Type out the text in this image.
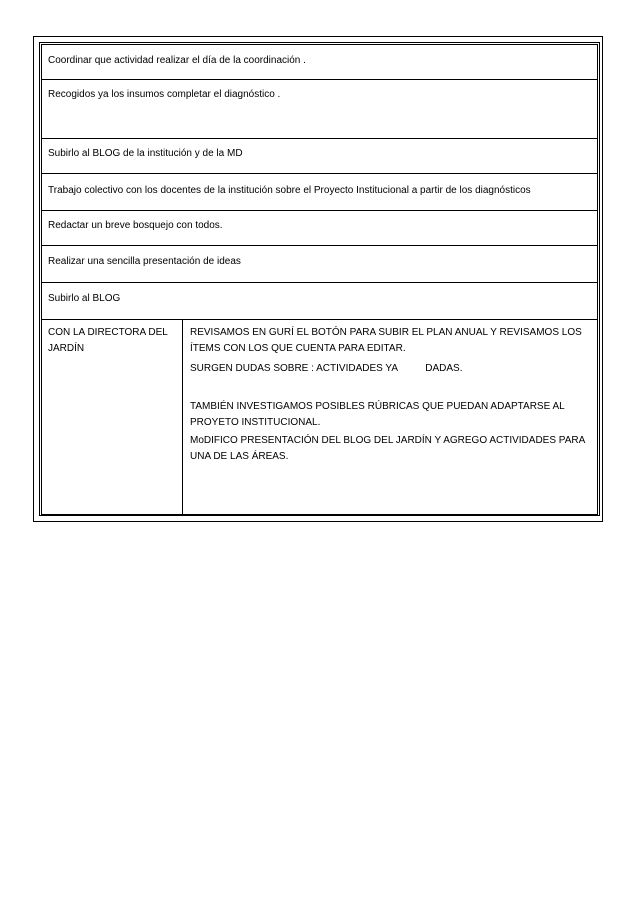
Coordinar que actividad realizar el día de la coordinación .
Recogidos ya los insumos completar el diagnóstico .
Subirlo al BLOG de la institución y de la MD
Trabajo colectivo con los docentes de la institución sobre el Proyecto Institucional a partir de los diagnósticos
Redactar un breve bosquejo con todos.
Realizar una sencilla presentación de ideas
Subirlo al BLOG
CON LA DIRECTORA DEL JARDÍN

REVISAMOS EN GURÍ EL BOTÓN PARA SUBIR EL PLAN ANUAL Y REVISAMOS LOS ÍTEMS CON LOS QUE CUENTA PARA EDITAR.

SURGEN DUDAS SOBRE : ACTIVIDADES YA          DADAS.

TAMBIÉN INVESTIGAMOS POSIBLES RÚBRICAS QUE PUEDAN ADAPTARSE AL PROYETO INSTITUCIONAL.

MoDIFICO PRESENTACIÓN DEL BLOG DEL JARDÍN Y AGREGO ACTIVIDADES PARA UNA DE LAS ÁREAS.
